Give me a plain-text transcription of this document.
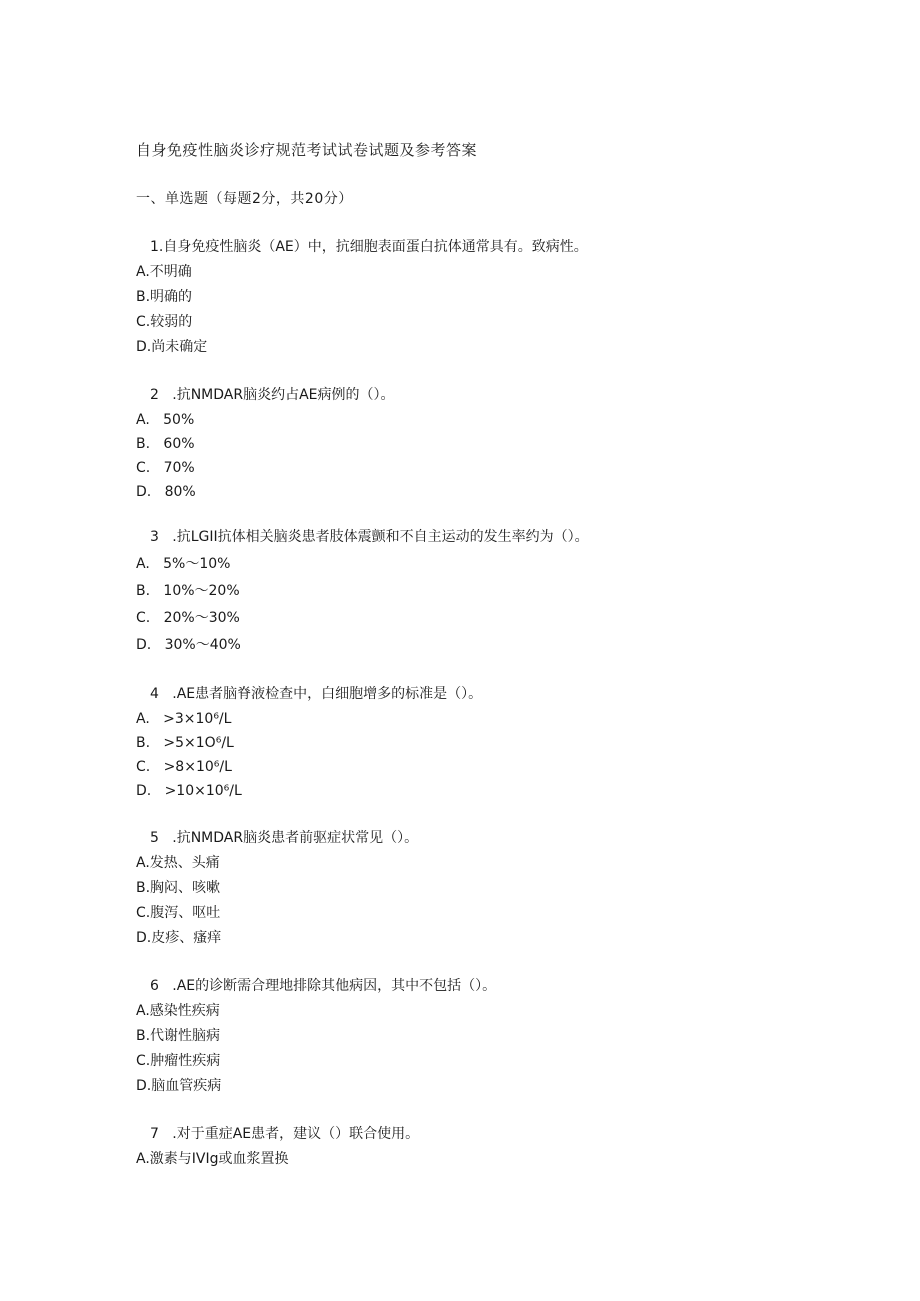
自身免疫性脑炎诊疗规范考试试卷试题及参考答案
一、单选题（每题2分，共20分）
1.自身免疫性脑炎（AE）中，抗细胞表面蛋白抗体通常具有。致病性。
A.不明确
B.明确的
C.较弱的
D.尚未确定
2   .抗NMDAR脑炎约占AE病例的（）。
A.   50%
B.   60%
C.   70%
D.   80%
3   .抗LGII抗体相关脑炎患者肢体震颤和不自主运动的发生率约为（）。
A.   5%～10%
B.   10%～20%
C.   20%～30%
D.   30%～40%
4   .AE患者脑脊液检查中，白细胞增多的标准是（）。
A.   >3×10⁶/L
B.   >5×1O⁶/L
C.   >8×10⁶/L
D.   >10×10⁶/L
5   .抗NMDAR脑炎患者前驱症状常见（）。
A.发热、头痛
B.胸闷、咳嗽
C.腹泻、呕吐
D.皮疹、瘙痒
6   .AE的诊断需合理地排除其他病因，其中不包括（）。
A.感染性疾病
B.代谢性脑病
C.肿瘤性疾病
D.脑血管疾病
7   .对于重症AE患者，建议（）联合使用。
A.激素与IVIg或血浆置换
